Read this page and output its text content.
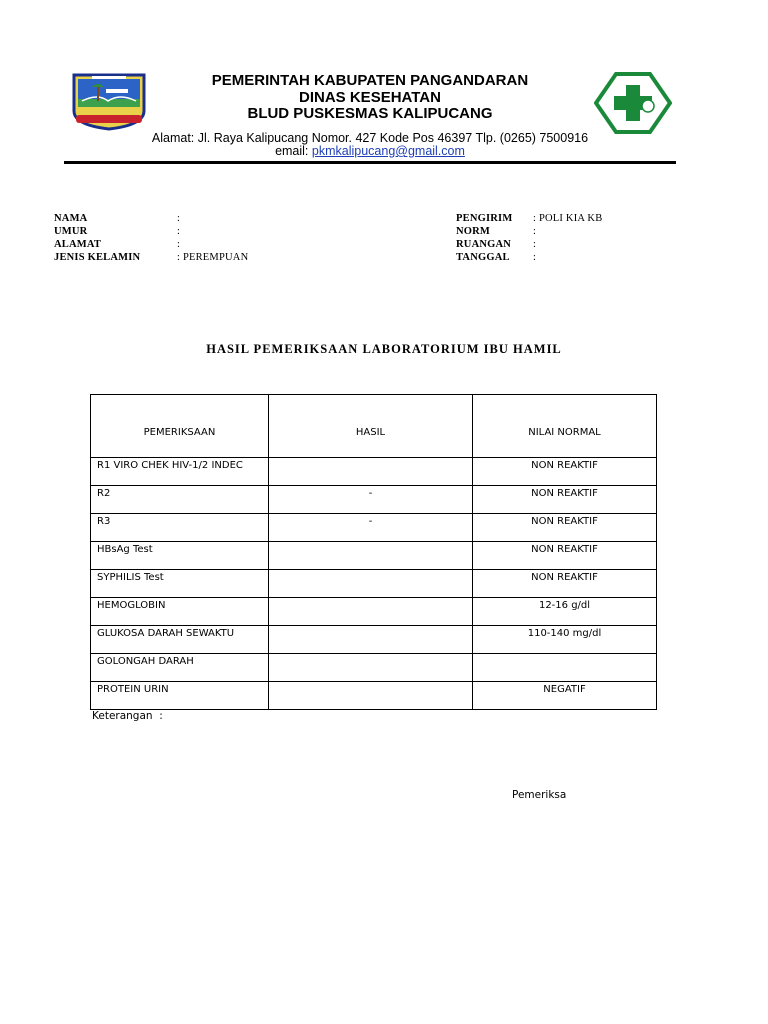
PEMERINTAH KABUPATEN PANGANDARAN
DINAS KESEHATAN
BLUD PUSKESMAS KALIPUCANG
Alamat: Jl. Raya Kalipucang Nomor. 427 Kode Pos 46397 Tlp. (0265) 7500916
email: pkmkalipucang@gmail.com
NAMA	:
UMUR	:
ALAMAT	:
JENIS KELAMIN	: PEREMPUAN
PENGIRIM : POLI KIA KB
NORM	:
RUANGAN :
TANGGAL :
HASIL PEMERIKSAAN LABORATORIUM IBU HAMIL
PEMERIKSAAN	HASIL	NILAI NORMAL
R1 VIRO CHEK HIV-1/2 INDEC		NON REAKTIF
R2	-	NON REAKTIF
R3	-	NON REAKTIF
HBsAg Test		NON REAKTIF
SYPHILIS Test		NON REAKTIF
HEMOGLOBIN		12-16 g/dl
GLUKOSA DARAH SEWAKTU		110-140 mg/dl
GOLONGAH DARAH		
PROTEIN URIN		NEGATIF
Keterangan :
Pemeriksa
